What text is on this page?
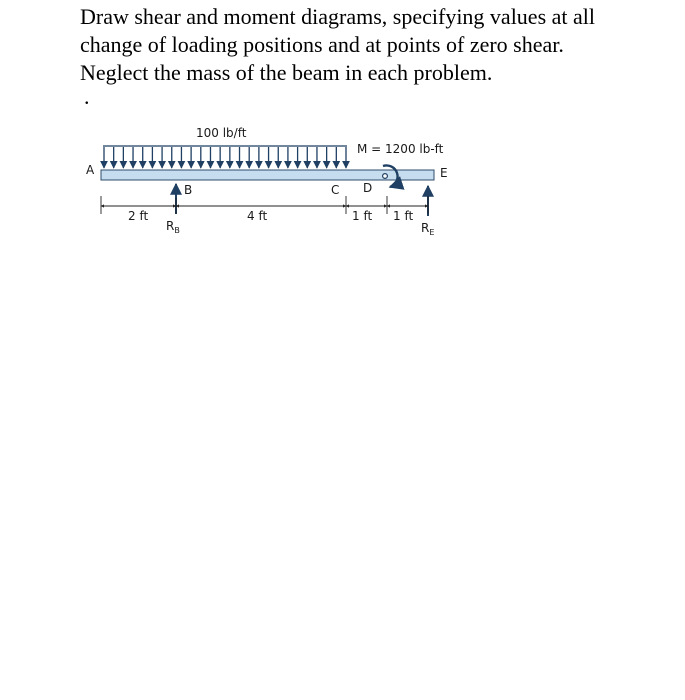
Draw shear and moment diagrams, specifying values at all
change of loading positions and at points of zero shear.
Neglect the mass of the beam in each problem.
.
100 lb/ft
M = 1200 lb-ft
A
B	C D
E
$R_B$	$R_E$
2 ft	4 ft	1 ft 1 ft
